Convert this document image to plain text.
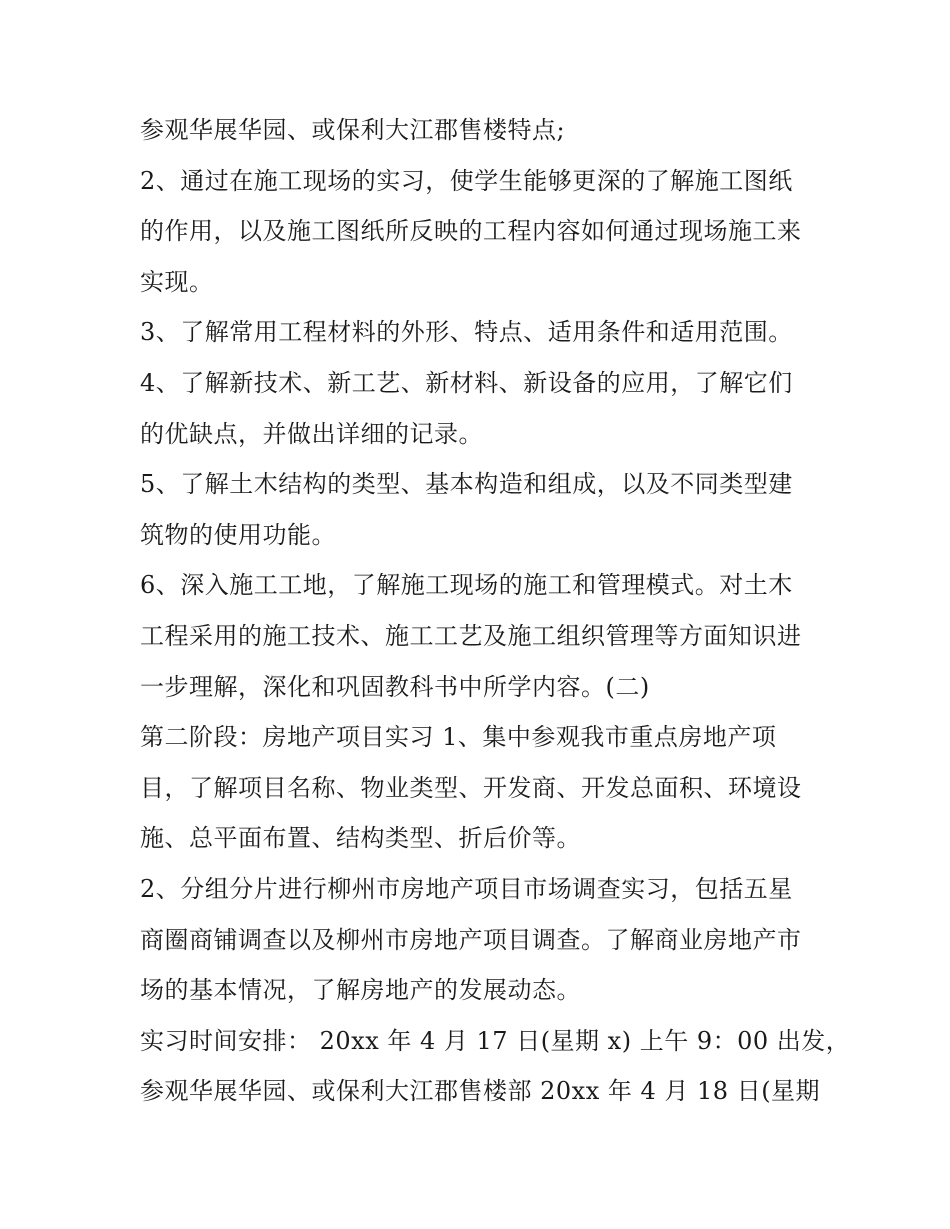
参观华展华园、或保利大江郡售楼特点;
2、通过在施工现场的实习，使学生能够更深的了解施工图纸
的作用，以及施工图纸所反映的工程内容如何通过现场施工来
实现。
3、了解常用工程材料的外形、特点、适用条件和适用范围。
4、了解新技术、新工艺、新材料、新设备的应用，了解它们
的优缺点，并做出详细的记录。
5、了解土木结构的类型、基本构造和组成，以及不同类型建
筑物的使用功能。
6、深入施工工地，了解施工现场的施工和管理模式。对土木
工程采用的施工技术、施工工艺及施工组织管理等方面知识进
一步理解，深化和巩固教科书中所学内容。(二)
第二阶段：房地产项目实习 1、集中参观我市重点房地产项
目，了解项目名称、物业类型、开发商、开发总面积、环境设
施、总平面布置、结构类型、折后价等。
2、分组分片进行柳州市房地产项目市场调查实习，包括五星
商圈商铺调查以及柳州市房地产项目调查。了解商业房地产市
场的基本情况，了解房地产的发展动态。
实习时间安排： 20xx 年 4 月 17 日(星期 x) 上午 9：00 出发，
参观华展华园、或保利大江郡售楼部 20xx 年 4 月 18 日(星期
